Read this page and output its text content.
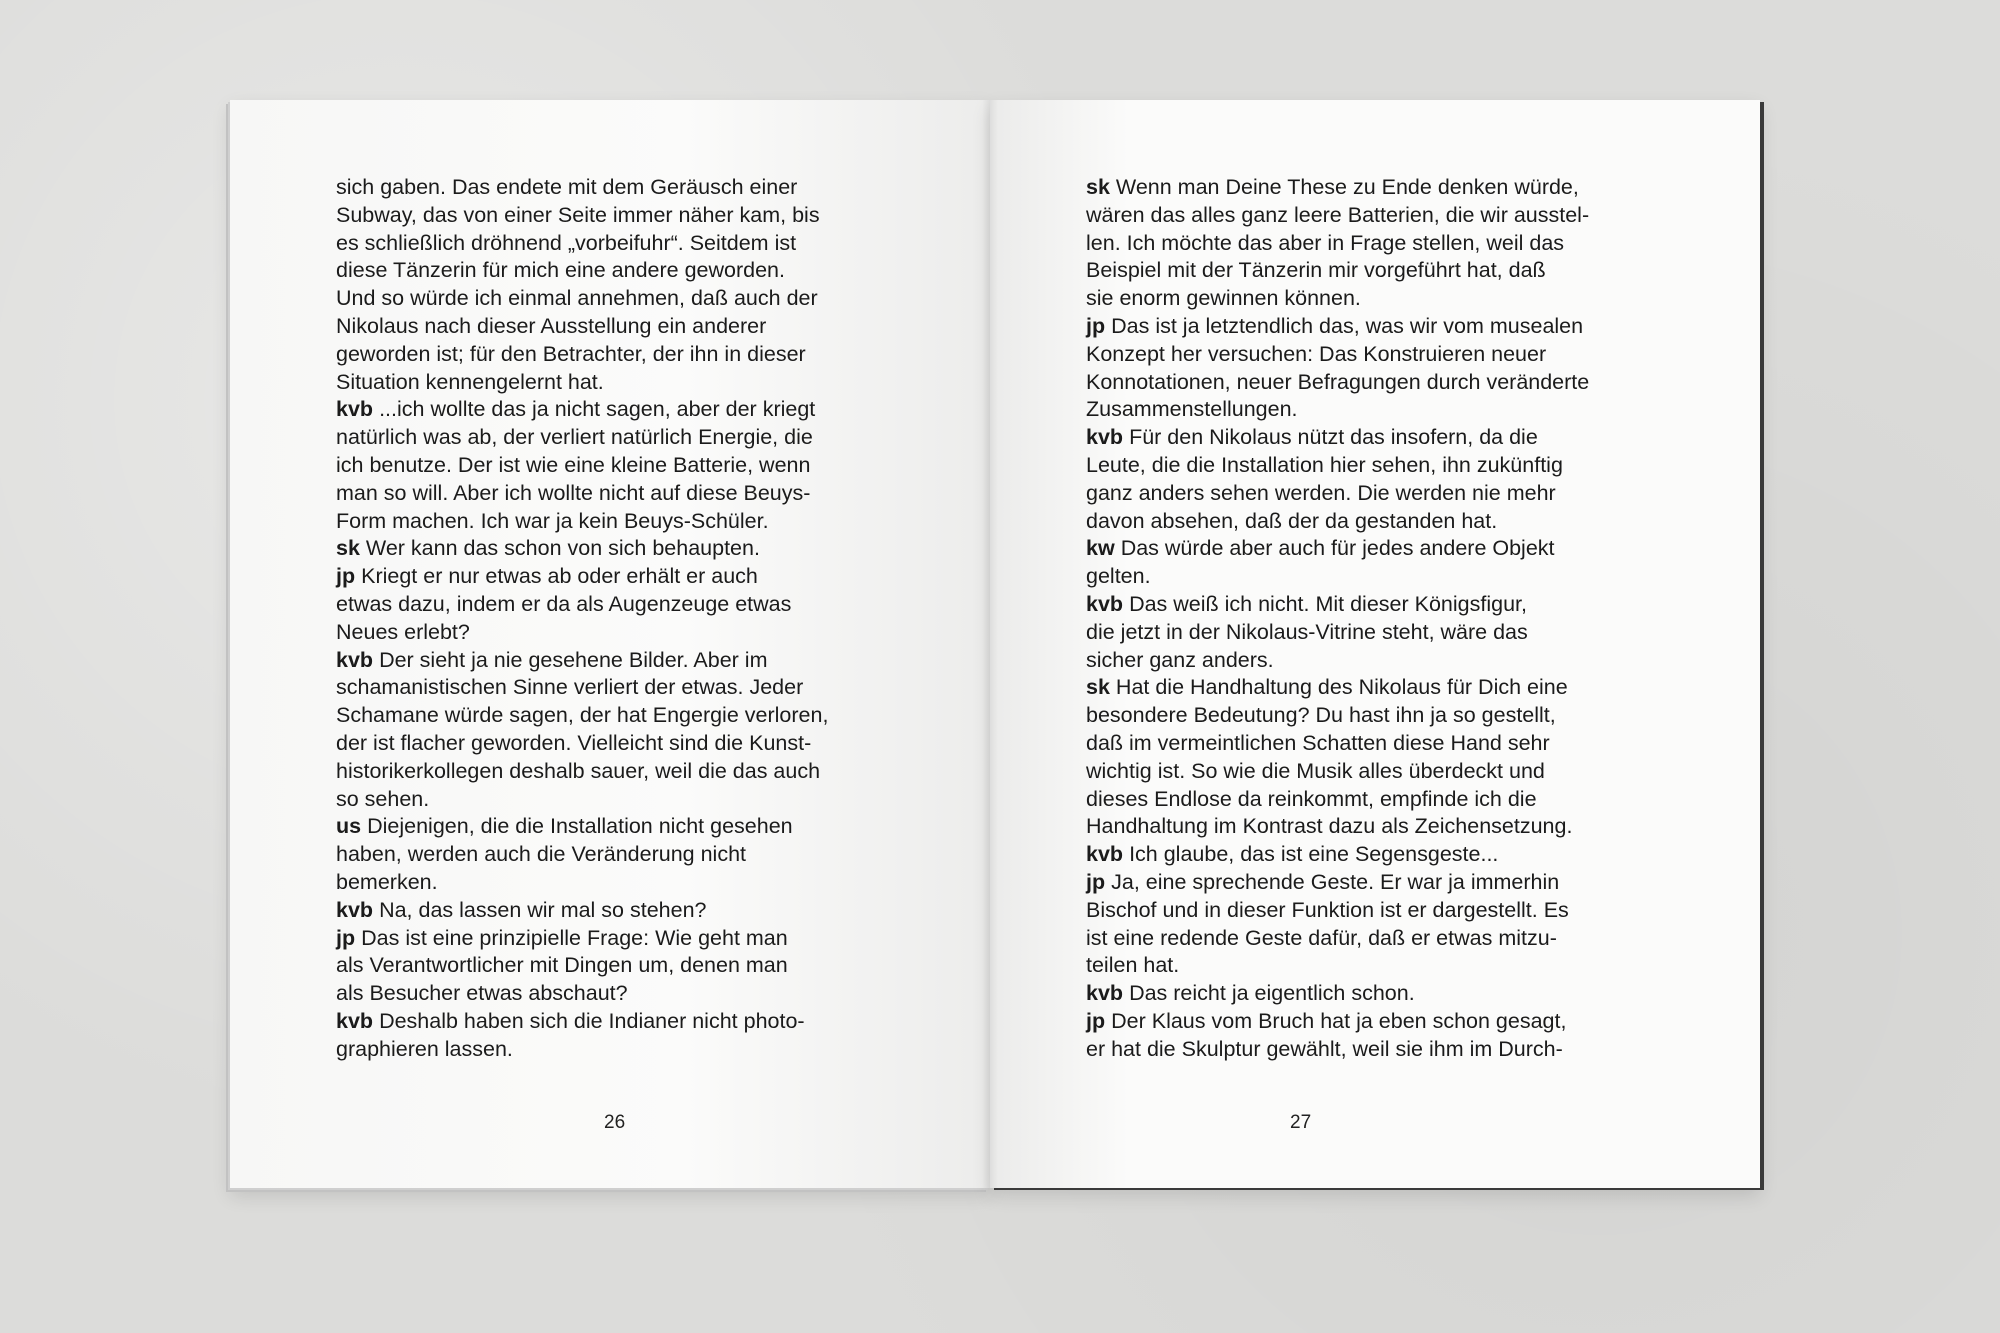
sich gaben. Das endete mit dem Geräusch einer
Subway, das von einer Seite immer näher kam, bis
es schließlich dröhnend „vorbeifuhr“. Seitdem ist
diese Tänzerin für mich eine andere geworden.
Und so würde ich einmal annehmen, daß auch der
Nikolaus nach dieser Ausstellung ein anderer
geworden ist; für den Betrachter, der ihn in dieser
Situation kennengelernt hat.
kvb ...ich wollte das ja nicht sagen, aber der kriegt
natürlich was ab, der verliert natürlich Energie, die
ich benutze. Der ist wie eine kleine Batterie, wenn
man so will. Aber ich wollte nicht auf diese Beuys-
Form machen. Ich war ja kein Beuys-Schüler.
sk Wer kann das schon von sich behaupten.
jp Kriegt er nur etwas ab oder erhält er auch
etwas dazu, indem er da als Augenzeuge etwas
Neues erlebt?
kvb Der sieht ja nie gesehene Bilder. Aber im
schamanistischen Sinne verliert der etwas. Jeder
Schamane würde sagen, der hat Engergie verloren,
der ist flacher geworden. Vielleicht sind die Kunst-
historikerkollegen deshalb sauer, weil die das auch
so sehen.
us Diejenigen, die die Installation nicht gesehen
haben, werden auch die Veränderung nicht
bemerken.
kvb Na, das lassen wir mal so stehen?
jp Das ist eine prinzipielle Frage: Wie geht man
als Verantwortlicher mit Dingen um, denen man
als Besucher etwas abschaut?
kvb Deshalb haben sich die Indianer nicht photo-
graphieren lassen.
26
sk Wenn man Deine These zu Ende denken würde,
wären das alles ganz leere Batterien, die wir ausstel-
len. Ich möchte das aber in Frage stellen, weil das
Beispiel mit der Tänzerin mir vorgeführt hat, daß
sie enorm gewinnen können.
jp Das ist ja letztendlich das, was wir vom musealen
Konzept her versuchen: Das Konstruieren neuer
Konnotationen, neuer Befragungen durch veränderte
Zusammenstellungen.
kvb Für den Nikolaus nützt das insofern, da die
Leute, die die Installation hier sehen, ihn zukünftig
ganz anders sehen werden. Die werden nie mehr
davon absehen, daß der da gestanden hat.
kw Das würde aber auch für jedes andere Objekt
gelten.
kvb Das weiß ich nicht. Mit dieser Königsfigur,
die jetzt in der Nikolaus-Vitrine steht, wäre das
sicher ganz anders.
sk Hat die Handhaltung des Nikolaus für Dich eine
besondere Bedeutung? Du hast ihn ja so gestellt,
daß im vermeintlichen Schatten diese Hand sehr
wichtig ist. So wie die Musik alles überdeckt und
dieses Endlose da reinkommt, empfinde ich die
Handhaltung im Kontrast dazu als Zeichensetzung.
kvb Ich glaube, das ist eine Segensgeste...
jp Ja, eine sprechende Geste. Er war ja immerhin
Bischof und in dieser Funktion ist er dargestellt. Es
ist eine redende Geste dafür, daß er etwas mitzu-
teilen hat.
kvb Das reicht ja eigentlich schon.
jp Der Klaus vom Bruch hat ja eben schon gesagt,
er hat die Skulptur gewählt, weil sie ihm im Durch-
27
